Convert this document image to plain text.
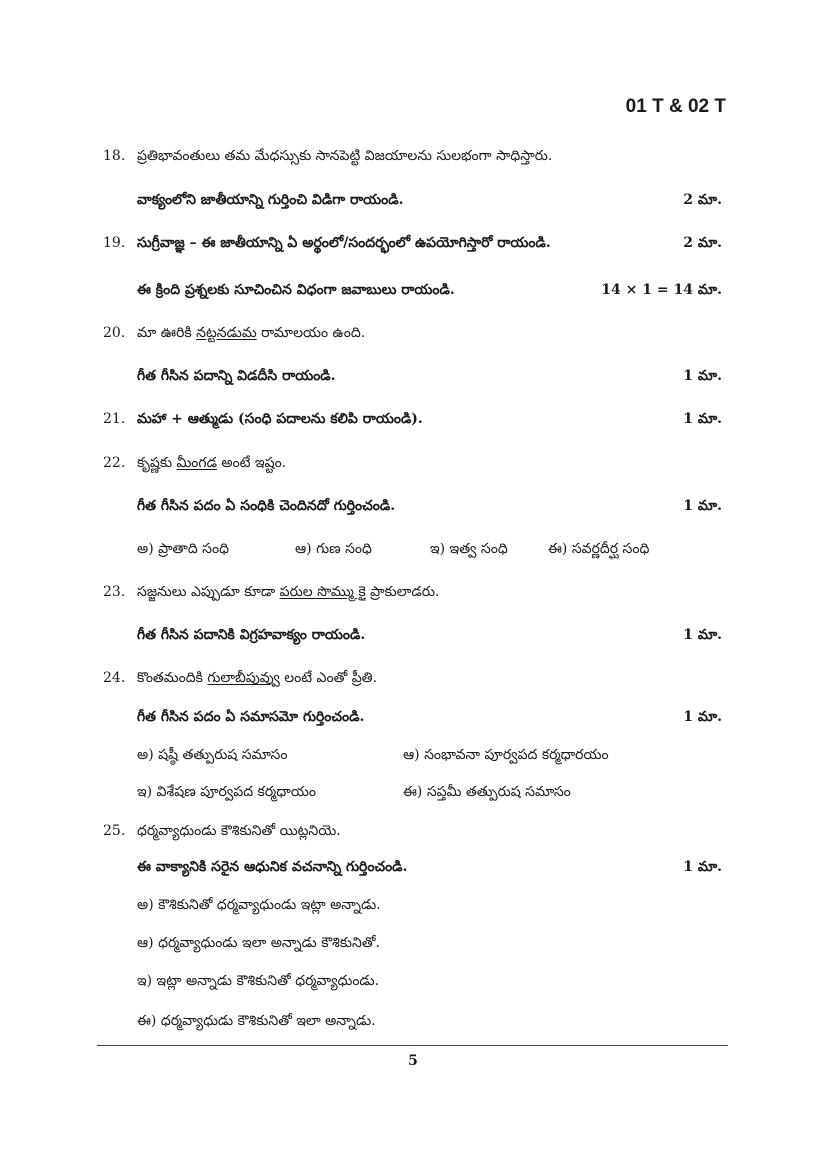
01 T & 02 T
18. ప్రతిభావంతులు తమ మేధస్సుకు సానపెట్టి విజయాలను సులభంగా సాధిస్తారు.
వాక్యంలోని జాతీయాన్ని గుర్తించి విడిగా రాయండి.	2 మా.
19. సుగ్రీవాజ్ఞ – ఈ జాతీయాన్ని ఏ అర్థంలో/సందర్భంలో ఉపయోగిస్తారో రాయండి.	2 మా.
ఈ క్రింది ప్రశ్నలకు సూచించిన విధంగా జవాబులు రాయండి.	14 × 1 = 14 మా.
20. మా ఊరికి నట్టనడుమ రామాలయం ఉంది.
గీత గీసిన పదాన్ని విడదీసి రాయండి.	1 మా.
21. మహా + ఆత్ముడు (సంధి పదాలను కలిపి రాయండి).	1 మా.
22. కృష్ణకు మీంగడ అంటే ఇష్టం.
గీత గీసిన పదం ఏ సంధికి చెందినదో గుర్తించండి.	1 మా.
అ) ప్రాతాది సంధి	ఆ) గుణ సంధి	ఇ) ఇత్వ సంధి	ఈ) సవర్ణదీర్ఘ సంధి
23. సజ్జనులు ఎప్పుడూ కూడా పరుల సొమ్ము కై ప్రాకులాడరు.
గీత గీసిన పదానికి విగ్రహవాక్యం రాయండి.	1 మా.
24. కొంతమందికి గులాబీపువ్వు లంటే ఎంతో ప్రీతి.
గీత గీసిన పదం ఏ సమాసమో గుర్తించండి.	1 మా.
అ) షష్ఠీ తత్పురుష సమాసం	ఆ) సంభావనా పూర్వపద కర్మధారయం
ఇ) విశేషణ పూర్వపద కర్మధాయం	ఈ) సప్తమీ తత్పురుష సమాసం
25. ధర్మవ్యాధుండు కౌశికునితో యిట్లనియె.
ఈ వాక్యానికి సరైన ఆధునిక వచనాన్ని గుర్తించండి.	1 మా.
అ) కౌశికునితో ధర్మవ్యాధుండు ఇట్లా అన్నాడు.
ఆ) ధర్మవ్యాధుండు ఇలా అన్నాడు కౌశికునితో.
ఇ) ఇట్లా అన్నాడు కౌశికునితో ధర్మవ్యాధుండు.
ఈ) ధర్మవ్యాధుడు కౌశికునితో ఇలా అన్నాడు.
5
